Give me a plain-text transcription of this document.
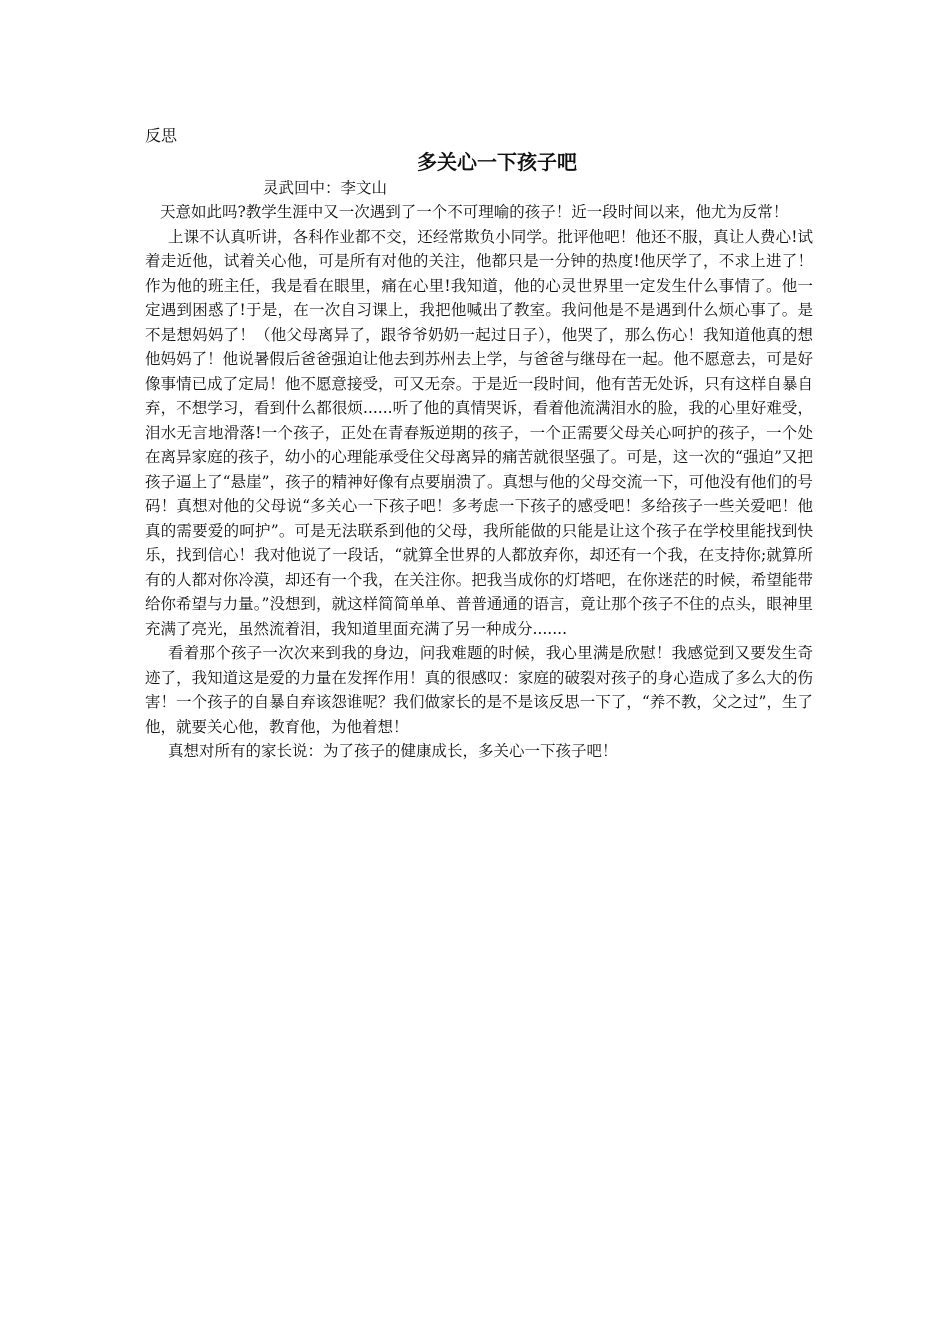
反思
多关心一下孩子吧
灵武回中：李文山

天意如此吗?教学生涯中又一次遇到了一个不可理喻的孩子！近一段时间以来，他尤为反常！

上课不认真听讲，各科作业都不交，还经常欺负小同学。批评他吧！他还不服，真让人费心!试着走近他，试着关心他，可是所有对他的关注，他都只是一分钟的热度!他厌学了，不求上进了！作为他的班主任，我是看在眼里，痛在心里!我知道，他的心灵世界里一定发生什么事情了。他一定遇到困惑了!于是，在一次自习课上，我把他喊出了教室。我问他是不是遇到什么烦心事了。是不是想妈妈了！（他父母离异了，跟爷爷奶奶一起过日子），他哭了，那么伤心！我知道他真的想他妈妈了！他说暑假后爸爸强迫让他去到苏州去上学，与爸爸与继母在一起。他不愿意去，可是好像事情已成了定局！他不愿意接受，可又无奈。于是近一段时间，他有苦无处诉，只有这样自暴自弃，不想学习，看到什么都很烦......听了他的真情哭诉，看着他流满泪水的脸，我的心里好难受，泪水无言地滑落!一个孩子，正处在青春叛逆期的孩子，一个正需要父母关心呵护的孩子，一个处在离异家庭的孩子，幼小的心理能承受住父母离异的痛苦就很坚强了。可是，这一次的“强迫”又把孩子逼上了“悬崖”，孩子的精神好像有点要崩溃了。真想与他的父母交流一下，可他没有他们的号码！真想对他的父母说“多关心一下孩子吧！多考虑一下孩子的感受吧！多给孩子一些关爱吧！他真的需要爱的呵护”。可是无法联系到他的父母，我所能做的只能是让这个孩子在学校里能找到快乐，找到信心！我对他说了一段话，“就算全世界的人都放弃你，却还有一个我，在支持你;就算所有的人都对你冷漠，却还有一个我，在关注你。把我当成你的灯塔吧，在你迷茫的时候，希望能带给你希望与力量。”没想到，就这样简简单单、普普通通的语言，竟让那个孩子不住的点头，眼神里充满了亮光，虽然流着泪，我知道里面充满了另一种成分.......

看着那个孩子一次次来到我的身边，问我难题的时候，我心里满是欣慰！我感觉到又要发生奇迹了，我知道这是爱的力量在发挥作用！真的很感叹：家庭的破裂对孩子的身心造成了多么大的伤害！一个孩子的自暴自弃该怨谁呢？我们做家长的是不是该反思一下了，“养不教，父之过”，生了他，就要关心他，教育他，为他着想！

真想对所有的家长说：为了孩子的健康成长，多关心一下孩子吧！
